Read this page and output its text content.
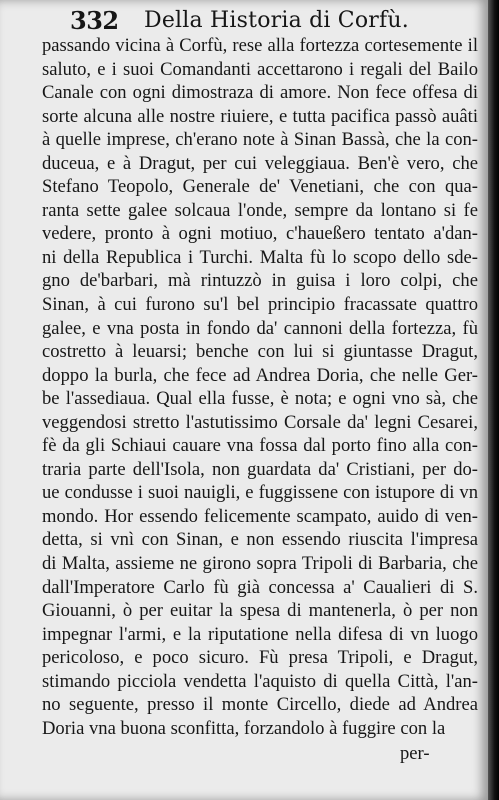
332 Della Historia di Corfù.
passando vicina à Corfù, rese alla fortezza cortesemente il
saluto, e i suoi Comandanti accettarono i regali del Bailo
Canale con ogni dimostraza di amore. Non fece offesa di
sorte alcuna alle nostre riuiere, e tutta pacifica passò auâti
à quelle imprese, ch'erano note à Sinan Bassà, che la con-
duceua, e à Dragut, per cui veleggiaua. Ben'è vero, che
Stefano Teopolo, Generale de' Venetiani, che con qua-
ranta sette galee solcaua l'onde, sempre da lontano si fe
vedere, pronto à ogni motiuo, c'haueßero tentato a'dan-
ni della Republica i Turchi. Malta fù lo scopo dello sde-
gno de'barbari, mà rintuzzò in guisa i loro colpi, che
Sinan, à cui furono su'l bel principio fracassate quattro
galee, e vna posta in fondo da' cannoni della fortezza, fù
costretto à leuarsi; benche con lui si giuntasse Dragut,
doppo la burla, che fece ad Andrea Doria, che nelle Ger-
be l'assediaua. Qual ella fusse, è nota; e ogni vno sà, che
veggendosi stretto l'astutissimo Corsale da' legni Cesarei,
fè da gli Schiaui cauare vna fossa dal porto fino alla con-
traria parte dell'Isola, non guardata da' Cristiani, per do-
ue condusse i suoi nauigli, e fuggissene con istupore di vn
mondo. Hor essendo felicemente scampato, auido di ven-
detta, si vnì con Sinan, e non essendo riuscita l'impresa
di Malta, assieme ne girono sopra Tripoli di Barbaria, che
dall'Imperatore Carlo fù già concessa a' Caualieri di S.
Giouanni, ò per euitar la spesa di mantenerla, ò per non
impegnar l'armi, e la riputatione nella difesa di vn luogo
pericoloso, e poco sicuro. Fù presa Tripoli, e Dragut,
stimando picciola vendetta l'aquisto di quella Città, l'an-
no seguente, presso il monte Circello, diede ad Andrea
Doria vna buona sconfitta, forzandolo à fuggire con la
per-
